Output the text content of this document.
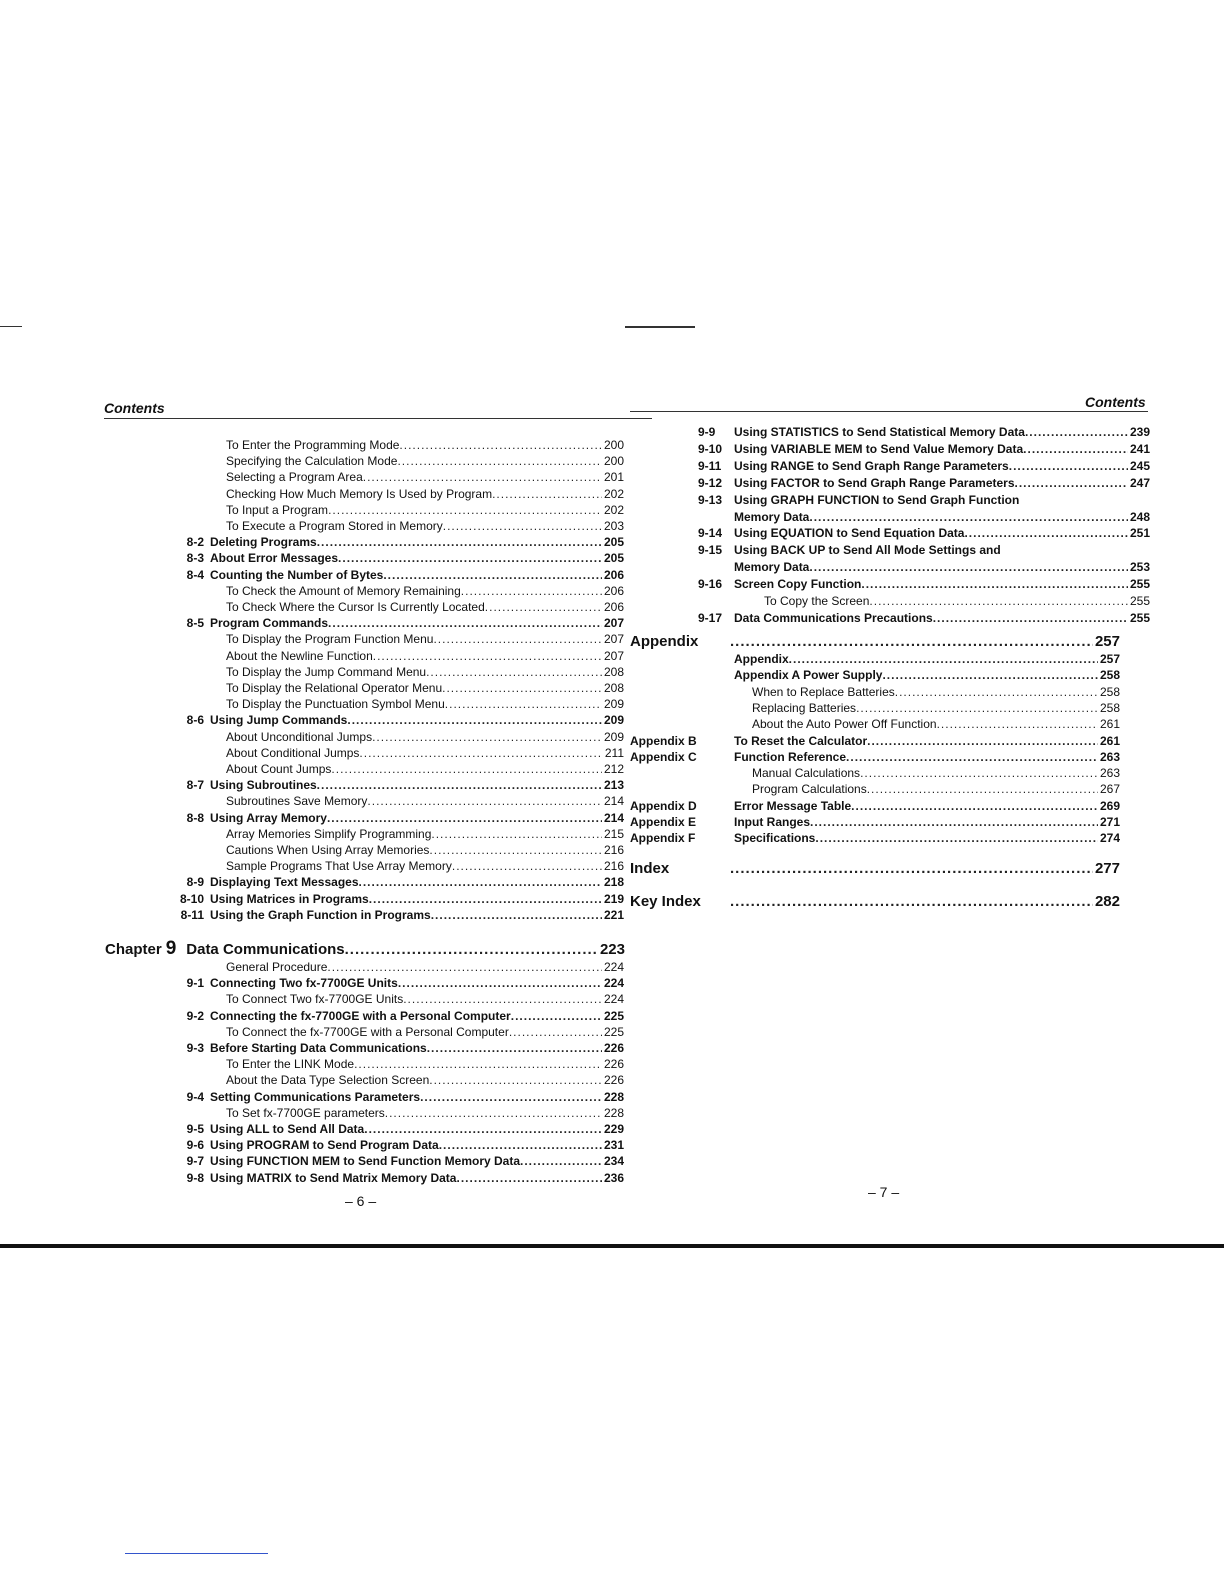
Contents	Contents
To Enter the Programming Mode .....	200
Specifying the Calculation Mode .....	200
Selecting a Program Area .....	201
Checking How Much Memory Is Used by Program .....	202
To Input a Program .....	202
To Execute a Program Stored in Memory .....	203
8-2 Deleting Programs .....	205
8-3 About Error Messages .....	205
8-4 Counting the Number of Bytes .....	206
To Check the Amount of Memory Remaining .....	206
To Check Where the Cursor Is Currently Located .....	206
8-5 Program Commands .....	207
To Display the Program Function Menu .....	207
About the Newline Function .....	207
To Display the Jump Command Menu .....	208
To Display the Relational Operator Menu .....	208
To Display the Punctuation Symbol Menu .....	209
8-6 Using Jump Commands .....	209
About Unconditional Jumps .....	209
About Conditional Jumps .....	211
About Count Jumps .....	212
8-7 Using Subroutines .....	213
Subroutines Save Memory .....	214
8-8 Using Array Memory .....	214
Array Memories Simplify Programming .....	215
Cautions When Using Array Memories .....	216
Sample Programs That Use Array Memory .....	216
8-9 Displaying Text Messages .....	218
8-10 Using Matrices in Programs .....	219
8-11 Using the Graph Function in Programs .....	221
Chapter 9 Data Communications .....	223
General Procedure .....	224
9-1 Connecting Two fx-7700GE Units .....	224
To Connect Two fx-7700GE Units .....	224
9-2 Connecting the fx-7700GE with a Personal Computer .....	225
To Connect the fx-7700GE with a Personal Computer .....	225
9-3 Before Starting Data Communications .....	226
To Enter the LINK Mode .....	226
About the Data Type Selection Screen .....	226
9-4 Setting Communications Parameters .....	228
To Set fx-7700GE parameters .....	228
9-5 Using ALL to Send All Data .....	229
9-6 Using PROGRAM to Send Program Data .....	231
9-7 Using FUNCTION MEM to Send Function Memory Data .....	234
9-8 Using MATRIX to Send Matrix Memory Data .....	236
– 6 –
9-9	Using STATISTICS to Send Statistical Memory Data .....	239
9-10 Using VARIABLE MEM to Send Value Memory Data .....	241
9-11	Using RANGE to Send Graph Range Parameters .....	245
9-12 Using FACTOR to Send Graph Range Parameters .....	247
9-13 Using GRAPH FUNCTION to Send Graph Function
Memory Data .....	248
9-14 Using EQUATION to Send Equation Data .....	251
9-15 Using BACK UP to Send All Mode Settings and
Memory Data .....	253
9-16 Screen Copy Function .....	255
To Copy the Screen .....	255
9-17 Data Communications Precautions .....	255
Appendix .....	257
Appendix .....	257
Appendix A Power Supply .....	258
When to Replace Batteries .....	258
Replacing Batteries .....	258
About the Auto Power Off Function .....	261
Appendix B	To Reset the Calculator .....	261
Appendix C	Function Reference .....	263
Manual Calculations .....	263
Program Calculations .....	267
Appendix D	Error Message Table .....	269
Appendix E	Input Ranges .....	271
Appendix F	Specifications .....	274
Index .....	277
Key Index .....	282
– 7 –
